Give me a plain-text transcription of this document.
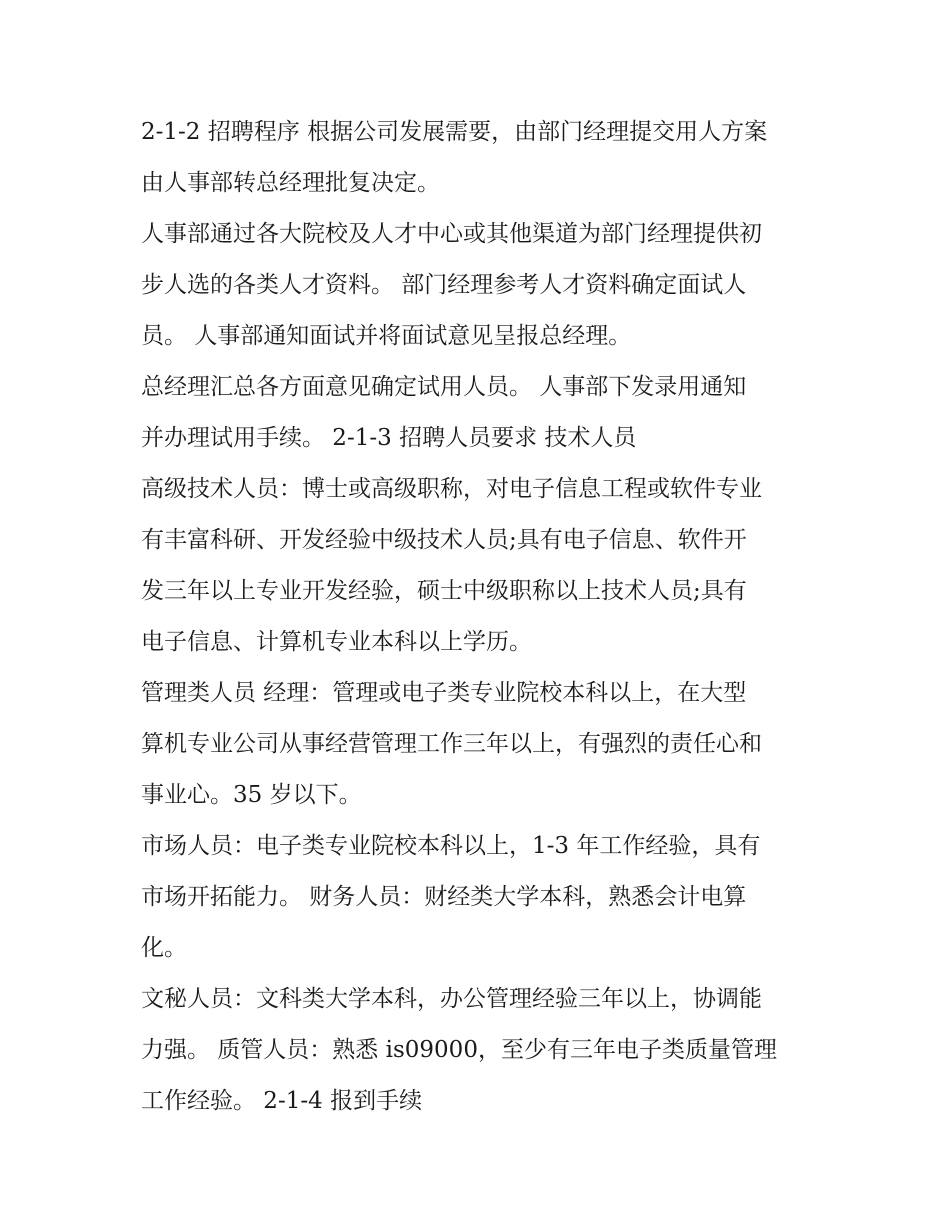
2-1-2 招聘程序 根据公司发展需要，由部门经理提交用人方案
由人事部转总经理批复决定。
人事部通过各大院校及人才中心或其他渠道为部门经理提供初
步人选的各类人才资料。 部门经理参考人才资料确定面试人
员。 人事部通知面试并将面试意见呈报总经理。
总经理汇总各方面意见确定试用人员。 人事部下发录用通知
并办理试用手续。 2-1-3 招聘人员要求 技术人员
高级技术人员：博士或高级职称，对电子信息工程或软件专业
有丰富科研、开发经验中级技术人员;具有电子信息、软件开
发三年以上专业开发经验，硕士中级职称以上技术人员;具有
电子信息、计算机专业本科以上学历。
管理类人员 经理：管理或电子类专业院校本科以上，在大型
算机专业公司从事经营管理工作三年以上，有强烈的责任心和
事业心。35 岁以下。
市场人员：电子类专业院校本科以上，1-3 年工作经验，具有
市场开拓能力。 财务人员：财经类大学本科，熟悉会计电算
化。
文秘人员：文科类大学本科，办公管理经验三年以上，协调能
力强。 质管人员：熟悉 is09000，至少有三年电子类质量管理
工作经验。 2-1-4 报到手续
